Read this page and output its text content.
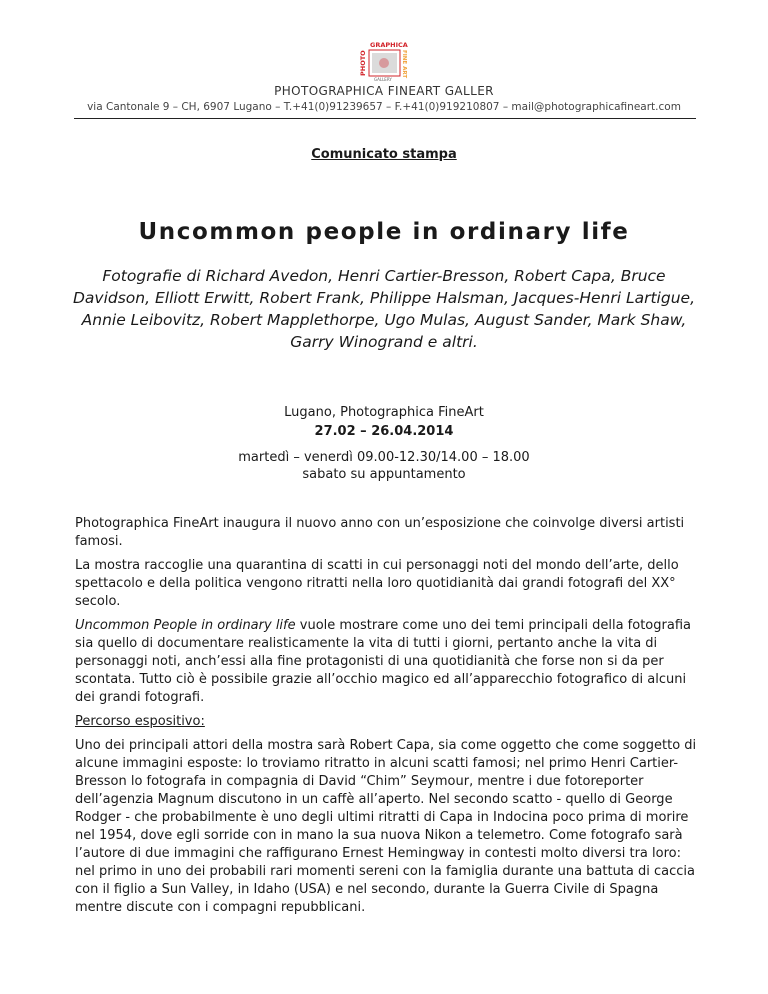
GRAPHICA
PHOTO	FINE ART
GALLERY
PHOTOGRAPHICA FINEART GALLER
via Cantonale 9 – CH, 6907 Lugano – T.+41(0)91239657 – F.+41(0)919210807 – mail@photographicafineart.com
Comunicato stampa
Uncommon people in ordinary life
Fotografie di Richard Avedon, Henri Cartier-Bresson, Robert Capa, Bruce Davidson, Elliott Erwitt, Robert Frank, Philippe Halsman, Jacques-Henri Lartigue, Annie Leibovitz, Robert Mapplethorpe, Ugo Mulas, August Sander, Mark Shaw, Garry Winogrand e altri.
Lugano, Photographica FineArt
27.02 – 26.04.2014
martedì – venerdì 09.00-12.30/14.00 – 18.00
sabato su appuntamento

Photographica FineArt inaugura il nuovo anno con un’esposizione che coinvolge diversi artisti famosi.

La mostra raccoglie una quarantina di scatti in cui personaggi noti del mondo dell’arte, dello spettacolo e della politica vengono ritratti nella loro quotidianità dai grandi fotografi del XX° secolo.

Uncommon People in ordinary life vuole mostrare come uno dei temi principali della fotografia sia quello di documentare realisticamente la vita di tutti i giorni, pertanto anche la vita di personaggi noti, anch’essi alla fine protagonisti di una quotidianità che forse non si da per scontata. Tutto ciò è possibile grazie all’occhio magico ed all’apparecchio fotografico di alcuni dei grandi fotografi.

Percorso espositivo:

Uno dei principali attori della mostra sarà Robert Capa, sia come oggetto che come soggetto di alcune immagini esposte: lo troviamo ritratto in alcuni scatti famosi; nel primo Henri Cartier-Bresson lo fotografa in compagnia di David “Chim” Seymour, mentre i due fotoreporter dell’agenzia Magnum discutono in un caffè all’aperto. Nel secondo scatto - quello di George Rodger - che probabilmente è uno degli ultimi ritratti di Capa in Indocina poco prima di morire nel 1954, dove egli sorride con in mano la sua nuova Nikon a telemetro. Come fotografo sarà l’autore di due immagini che raffigurano Ernest Hemingway in contesti molto diversi tra loro: nel primo in uno dei probabili rari momenti sereni con la famiglia durante una battuta di caccia con il figlio a Sun Valley, in Idaho (USA) e nel secondo, durante la Guerra Civile di Spagna mentre discute con i compagni repubblicani.
